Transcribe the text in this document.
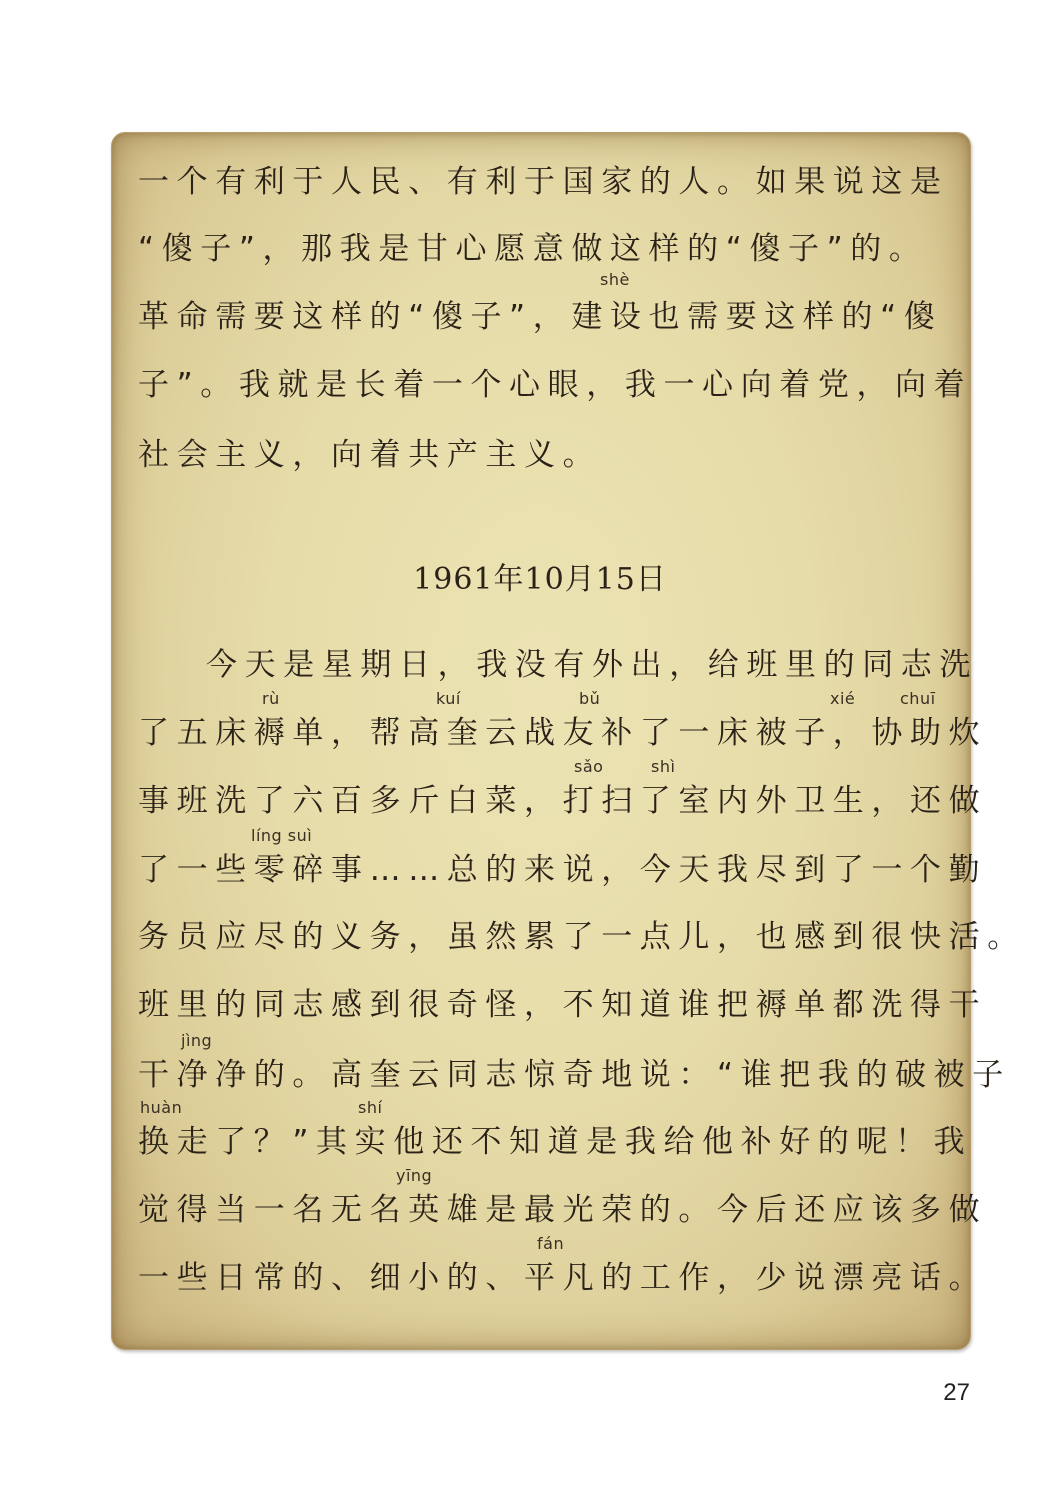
一个有利于人民、有利于国家的人。如果说这是
“傻子”，那我是甘心愿意做这样的“傻子”的。
shè
革命需要这样的“傻子”，建设也需要这样的“傻
子”。我就是长着一个心眼，我一心向着党，向着
社会主义，向着共产主义。
1961年10月15日
今天是星期日，我没有外出，给班里的同志洗
rù	kuí	bǔ	xié	chuī
了五床褥单，帮高奎云战友补了一床被子，协助炊
sǎo	shì
事班洗了六百多斤白菜，打扫了室内外卫生，还做
líng suì
了一些零碎事……总的来说，今天我尽到了一个勤
务员应尽的义务，虽然累了一点儿，也感到很快活。
班里的同志感到很奇怪，不知道谁把褥单都洗得干
jìng
干净净的。高奎云同志惊奇地说：“谁把我的破被子
huàn	shí
换走了？”其实他还不知道是我给他补好的呢！我
yīng
觉得当一名无名英雄是最光荣的。今后还应该多做
fán
一些日常的、细小的、平凡的工作，少说漂亮话。
27
